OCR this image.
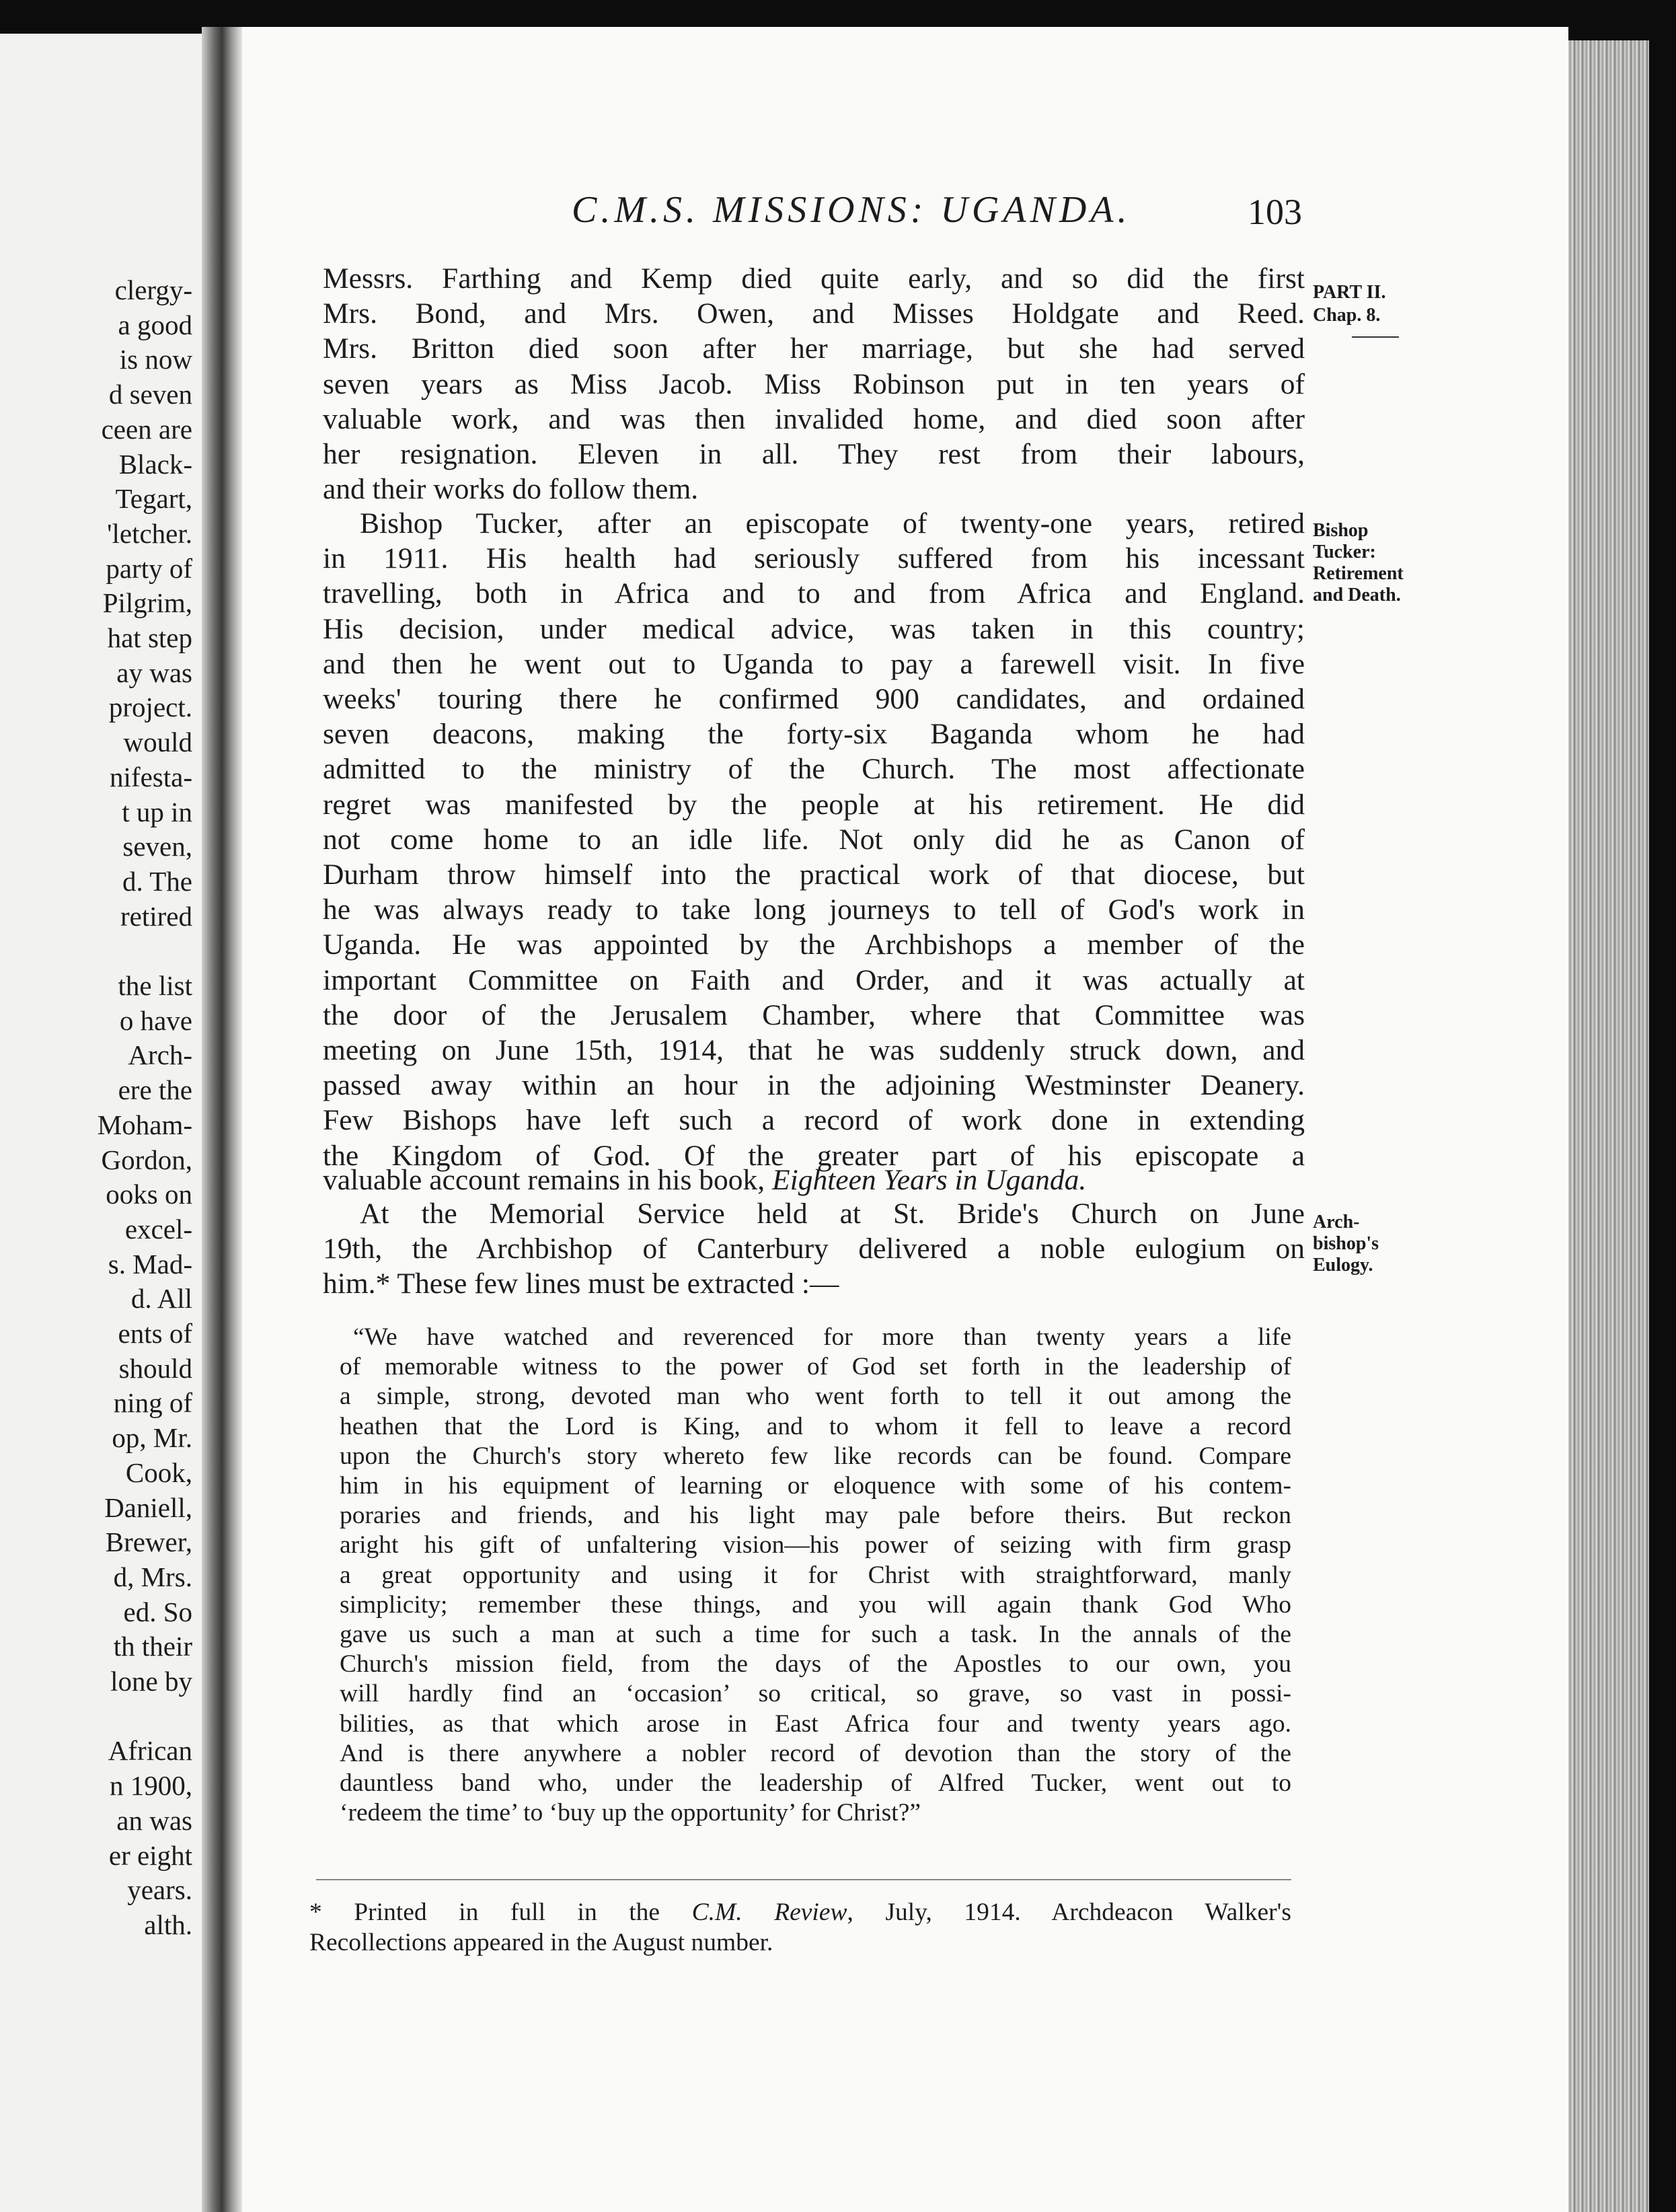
clergy-

a good

is now

d seven

ceen are

Black-

Tegart,

'letcher.

party of

Pilgrim,

hat step

ay was

project.

would

nifesta-

t up in

seven,

d. The

retired

the list

o have

Arch-

ere the

Moham-

Gordon,

ooks on

excel-

s. Mad-

d. All

ents of

should

ning of

op, Mr.

Cook,

Daniell,

Brewer,

d, Mrs.

ed. So

th their

lone by

African

n 1900,

an was

er eight

years.

alth.

C.M.S. MISSIONS: UGANDA.	103

PART II.

Chap. 8.

Bishop

Tucker:

Retirement

and Death.

Arch-

bishop's

Eulogy.

Messrs. Farthing and Kemp died quite early, and so did the first

Mrs. Bond, and Mrs. Owen, and Misses Holdgate and Reed.

Mrs. Britton died soon after her marriage, but she had served

seven years as Miss Jacob. Miss Robinson put in ten years of

valuable work, and was then invalided home, and died soon after

her resignation. Eleven in all. They rest from their labours,

and their works do follow them.

Bishop Tucker, after an episcopate of twenty-one years, retired

in 1911. His health had seriously suffered from his incessant

travelling, both in Africa and to and from Africa and England.

His decision, under medical advice, was taken in this country;

and then he went out to Uganda to pay a farewell visit. In five

weeks' touring there he confirmed 900 candidates, and ordained

seven deacons, making the forty-six Baganda whom he had

admitted to the ministry of the Church. The most affectionate

regret was manifested by the people at his retirement. He did

not come home to an idle life. Not only did he as Canon of

Durham throw himself into the practical work of that diocese, but

he was always ready to take long journeys to tell of God's work in

Uganda. He was appointed by the Archbishops a member of the

important Committee on Faith and Order, and it was actually at

the door of the Jerusalem Chamber, where that Committee was

meeting on June 15th, 1914, that he was suddenly struck down, and

passed away within an hour in the adjoining Westminster Deanery.

Few Bishops have left such a record of work done in extending

the Kingdom of God. Of the greater part of his episcopate a

At the Memorial Service held at St. Bride's Church on June

19th, the Archbishop of Canterbury delivered a noble eulogium on

him.* These few lines must be extracted :—

valuable account remains in his book, Eighteen Years in Uganda.

“We have watched and reverenced for more than twenty years a life

of memorable witness to the power of God set forth in the leadership of

a simple, strong, devoted man who went forth to tell it out among the

heathen that the Lord is King, and to whom it fell to leave a record

upon the Church's story whereto few like records can be found. Compare

him in his equipment of learning or eloquence with some of his contem-

poraries and friends, and his light may pale before theirs. But reckon

aright his gift of unfaltering vision—his power of seizing with firm grasp

a great opportunity and using it for Christ with straightforward, manly

simplicity; remember these things, and you will again thank God Who

gave us such a man at such a time for such a task. In the annals of the

Church's mission field, from the days of the Apostles to our own, you

will hardly find an ‘occasion’ so critical, so grave, so vast in possi-

bilities, as that which arose in East Africa four and twenty years ago.

And is there anywhere a nobler record of devotion than the story of the

dauntless band who, under the leadership of Alfred Tucker, went out to

‘redeem the time’ to ‘buy up the opportunity’ for Christ?”

* Printed in full in the C.M. Review, July, 1914. Archdeacon Walker's

Recollections appeared in the August number.
